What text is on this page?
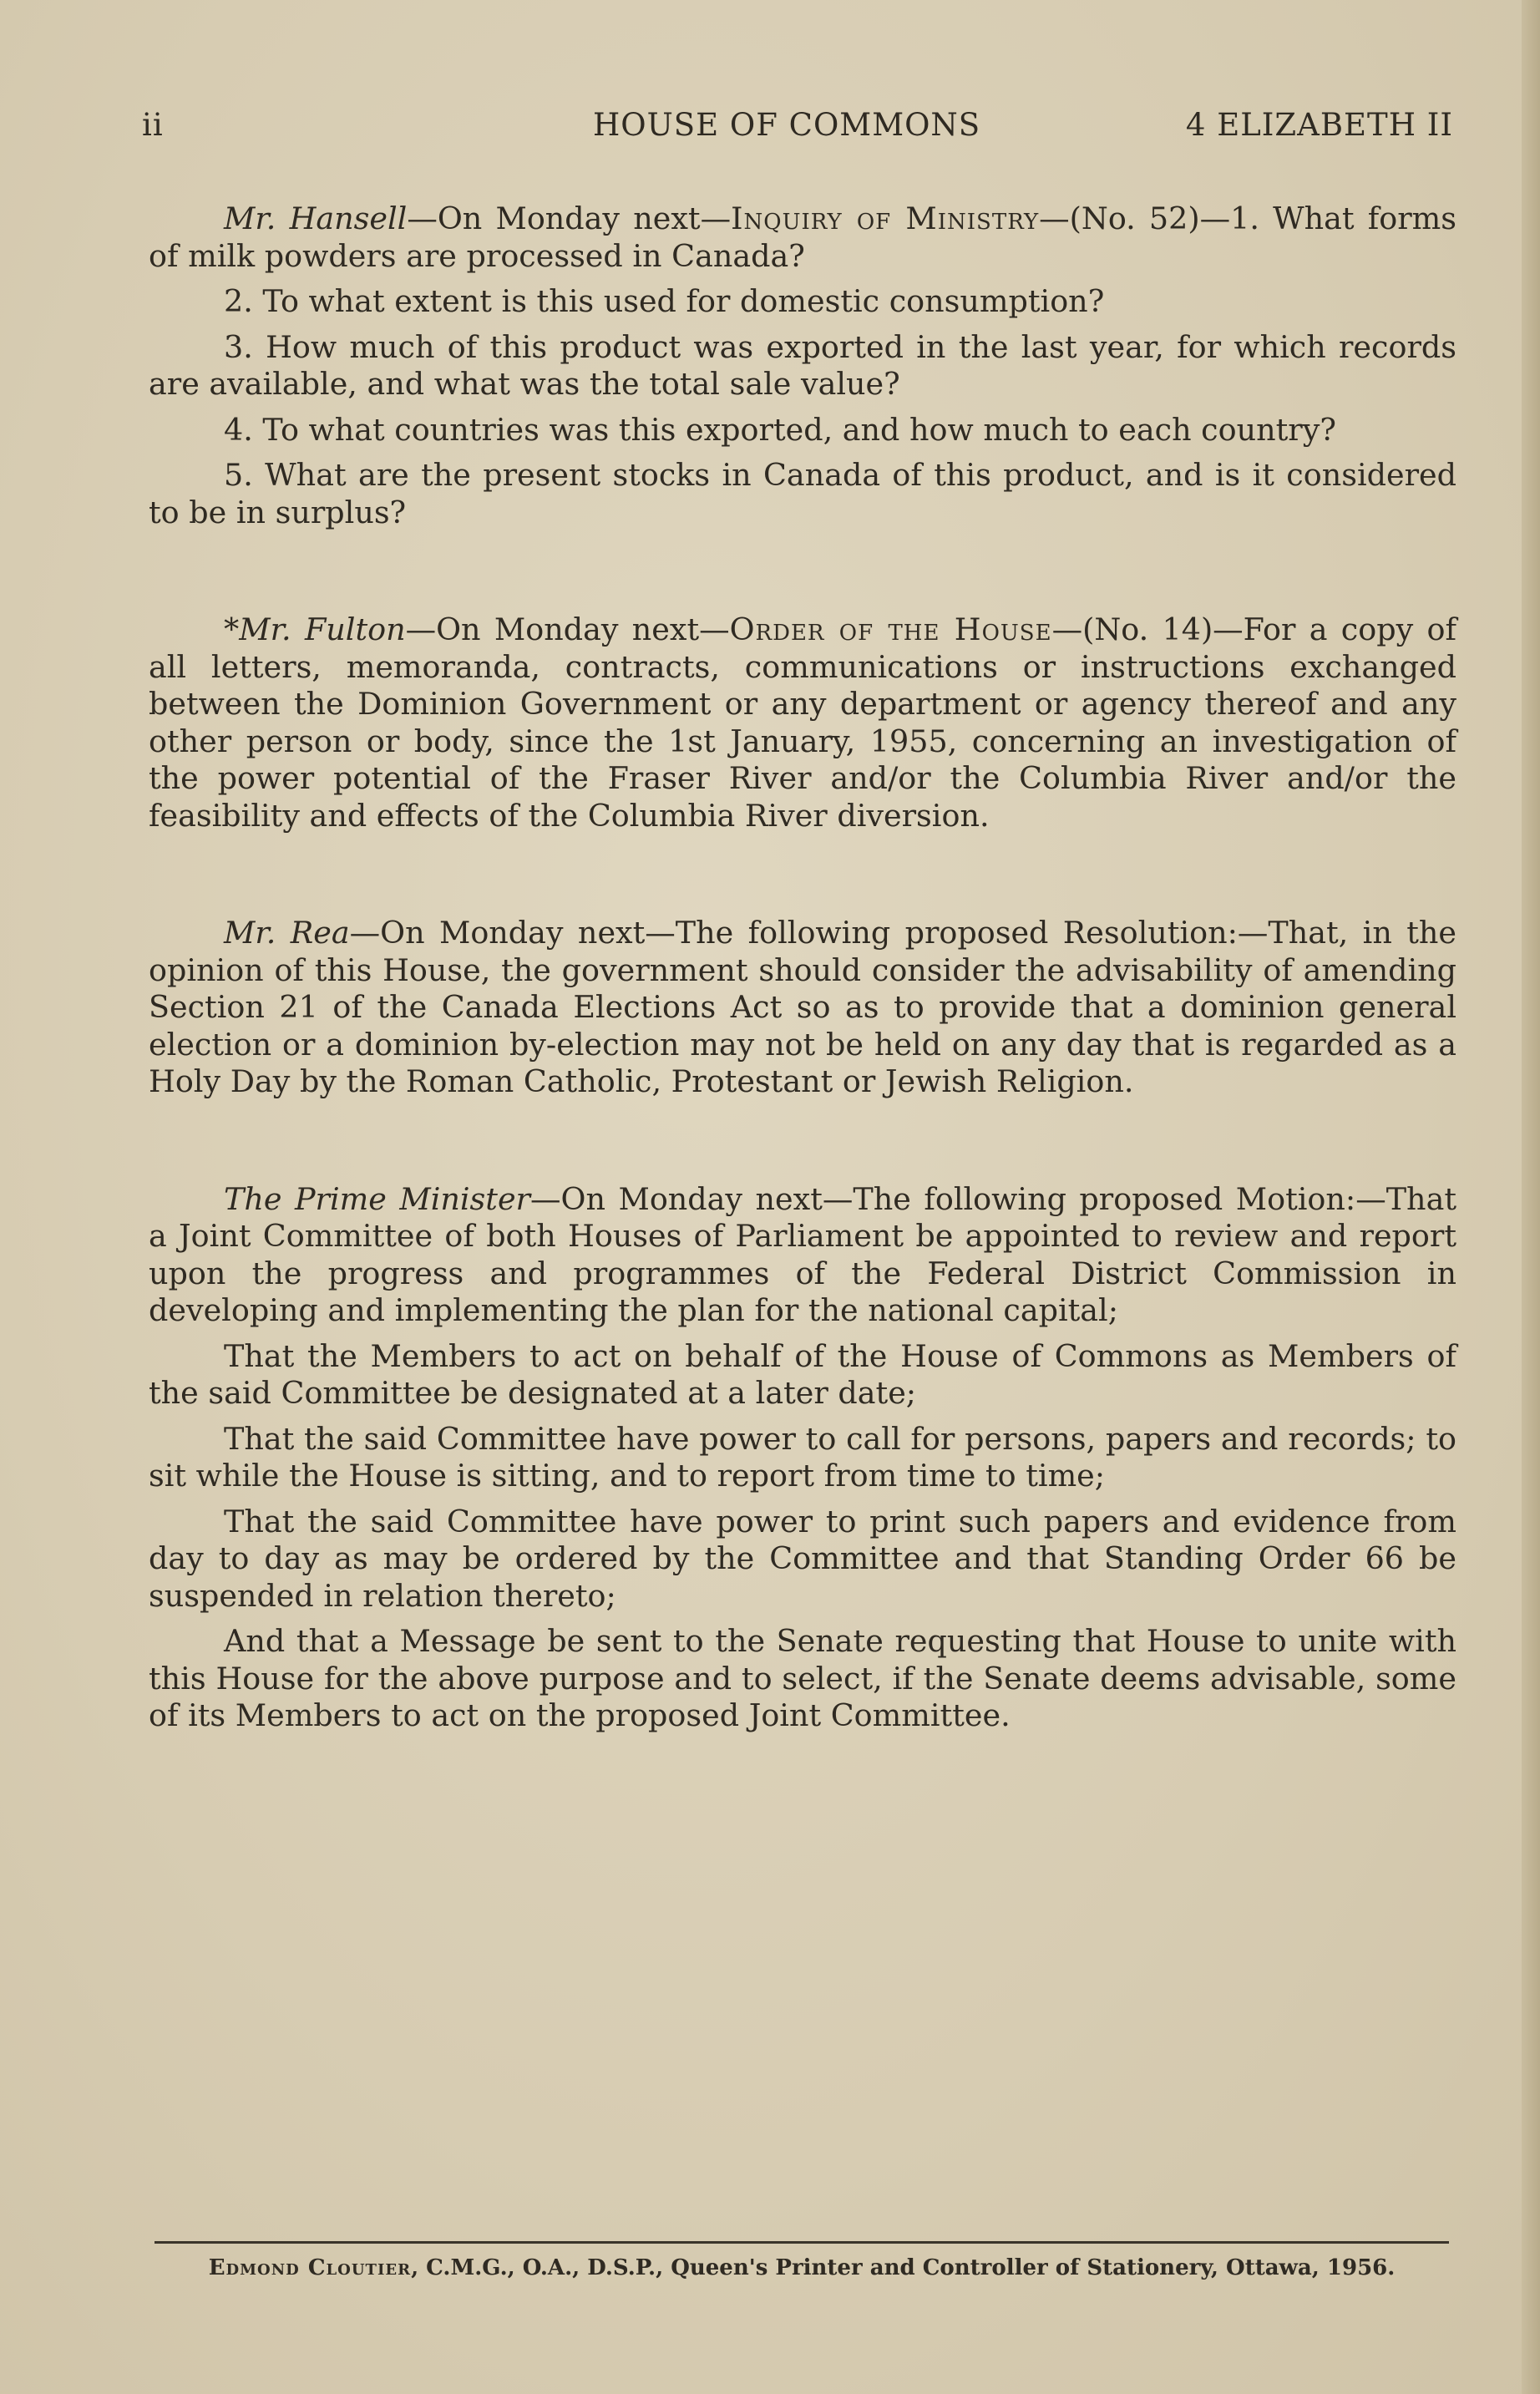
ii	HOUSE OF COMMONS	4 ELIZABETH II

Mr. Hansell—On Monday next—Inquiry of Ministry—(No. 52)—1. What forms of milk powders are processed in Canada?

2. To what extent is this used for domestic consumption?

3. How much of this product was exported in the last year, for which records are available, and what was the total sale value?

4. To what countries was this exported, and how much to each country?

5. What are the present stocks in Canada of this product, and is it considered to be in surplus?

*Mr. Fulton—On Monday next—Order of the House—(No. 14)—For a copy of all letters, memoranda, contracts, communications or instructions exchanged between the Dominion Government or any department or agency thereof and any other person or body, since the 1st January, 1955, concerning an investigation of the power potential of the Fraser River and/or the Columbia River and/or the feasibility and effects of the Columbia River diversion.

Mr. Rea—On Monday next—The following proposed Resolution:—That, in the opinion of this House, the government should consider the advisability of amending Section 21 of the Canada Elections Act so as to provide that a dominion general election or a dominion by-election may not be held on any day that is regarded as a Holy Day by the Roman Catholic, Protestant or Jewish Religion.

The Prime Minister—On Monday next—The following proposed Motion:—That a Joint Committee of both Houses of Parliament be appointed to review and report upon the progress and programmes of the Federal District Commission in developing and implementing the plan for the national capital;

That the Members to act on behalf of the House of Commons as Members of the said Committee be designated at a later date;

That the said Committee have power to call for persons, papers and records; to sit while the House is sitting, and to report from time to time;

That the said Committee have power to print such papers and evidence from day to day as may be ordered by the Committee and that Standing Order 66 be suspended in relation thereto;

And that a Message be sent to the Senate requesting that House to unite with this House for the above purpose and to select, if the Senate deems advisable, some of its Members to act on the proposed Joint Committee.

Edmond Cloutier, C.M.G., O.A., D.S.P., Queen's Printer and Controller of Stationery, Ottawa, 1956.
